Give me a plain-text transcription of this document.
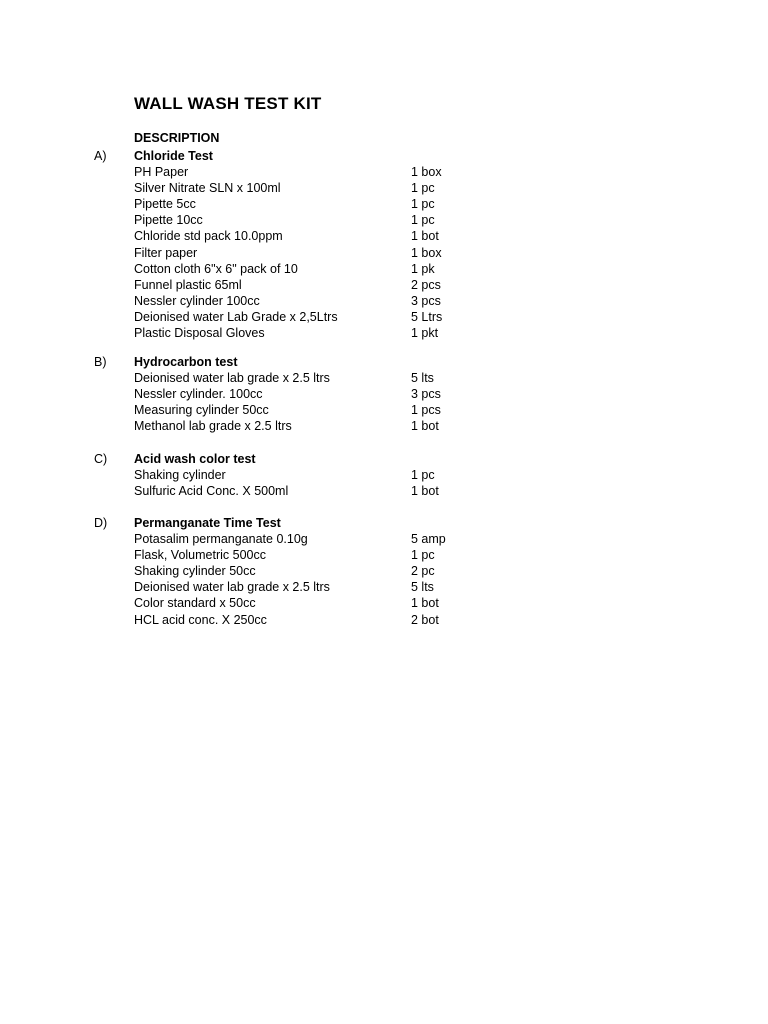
WALL WASH TEST KIT
DESCRIPTION
A) Chloride Test
PH Paper	1 box
Silver Nitrate SLN x 100ml	1 pc
Pipette 5cc	1 pc
Pipette 10cc	1 pc
Chloride std pack 10.0ppm	1 bot
Filter paper	1 box
Cotton cloth 6"x 6" pack of 10	1 pk
Funnel plastic 65ml	2 pcs
Nessler cylinder 100cc	3 pcs
Deionised water Lab Grade x 2,5Ltrs	5 Ltrs
Plastic Disposal Gloves	1 pkt
B) Hydrocarbon test
Deionised water lab grade x 2.5 ltrs	5 lts
Nessler cylinder. 100cc	3 pcs
Measuring cylinder 50cc	1 pcs
Methanol lab grade x 2.5 ltrs	1 bot
C) Acid wash color test
Shaking cylinder	1 pc
Sulfuric Acid Conc. X 500ml	1 bot
D) Permanganate Time Test
Potasalim permanganate 0.10g	5 amp
Flask, Volumetric 500cc	1 pc
Shaking cylinder 50cc	2 pc
Deionised water lab grade x 2.5 ltrs	5 lts
Color standard x 50cc	1 bot
HCL acid conc. X 250cc	2 bot
